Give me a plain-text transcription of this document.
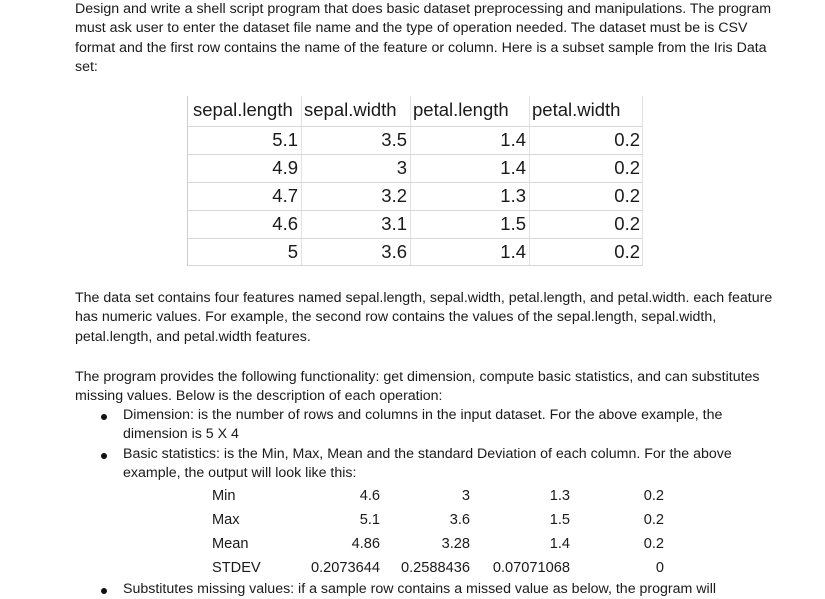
Design and write a shell script program that does basic dataset preprocessing and manipulations. The program must ask user to enter the dataset file name and the type of operation needed. The dataset must be is CSV format and the first row contains the name of the feature or column. Here is a subset sample from the Iris Data set:

sepal.length sepal.width petal.length petal.width
5.1	3.5	1.4	0.2
4.9	3	1.4	0.2
4.7	3.2	1.3	0.2
4.6	3.1	1.5	0.2
5	3.6	1.4	0.2

The data set contains four features named sepal.length, sepal.width, petal.length, and petal.width. each feature has numeric values. For example, the second row contains the values of the sepal.length, sepal.width, petal.length, and petal.width features.

The program provides the following functionality: get dimension, compute basic statistics, and can substitutes missing values. Below is the description of each operation:

Dimension: is the number of rows and columns in the input dataset. For the above example, the dimension is 5 X 4

Basic statistics: is the Min, Max, Mean and the standard Deviation of each column. For the above example, the output will look like this:

Min	4.6	3	1.3	0.2
Max	5.1	3.6	1.5	0.2
Mean	4.86	3.28	1.4	0.2
STDEV	0.2073644 0.2588436 0.07071068	0
Substitutes missing values: if a sample row contains a missed value as below, the program will
